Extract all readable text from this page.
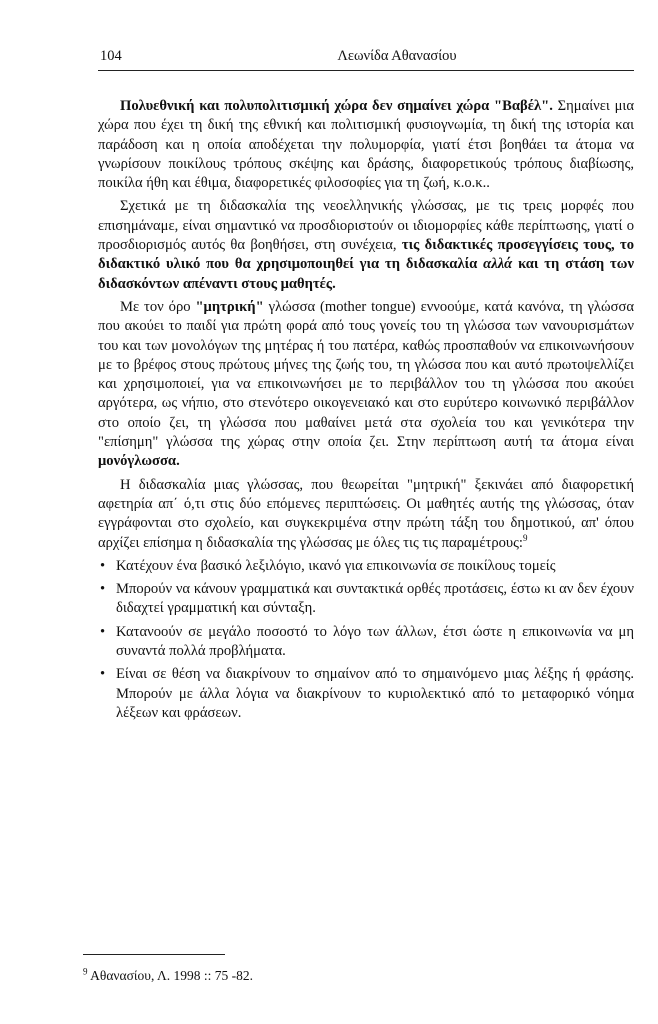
104	Λεωνίδα Αθανασίου

Πολυεθνική και πολυπολιτισμική χώρα δεν σημαίνει χώρα "Βαβέλ". Σημαίνει μια χώρα που έχει τη δική της εθνική και πολιτισμική φυσιογνωμία, τη δική της ιστορία και παράδοση και η οποία αποδέχεται την πολυμορφία, γιατί έτσι βοηθάει τα άτομα να γνωρίσουν ποικίλους τρόπους σκέψης και δράσης, διαφορετικούς τρόπους διαβίωσης, ποικίλα ήθη και έθιμα, διαφορετικές φιλοσοφίες για τη ζωή, κ.ο.κ..

Σχετικά με τη διδασκαλία της νεοελληνικής γλώσσας, με τις τρεις μορφές που επισημάναμε, είναι σημαντικό να προσδιοριστούν οι ιδιομορφίες κάθε περίπτωσης, γιατί ο προσδιορισμός αυτός θα βοηθήσει, στη συνέχεια, τις διδακτικές προσεγγίσεις τους, το διδακτικό υλικό που θα χρησιμοποιηθεί για τη διδασκαλία αλλά και τη στάση των διδασκόντων απέναντι στους μαθητές.

Με τον όρο "μητρική" γλώσσα (mother tongue) εννοούμε, κατά κανόνα, τη γλώσσα που ακούει το παιδί για πρώτη φορά από τους γονείς του τη γλώσσα των νανουρισμάτων του και των μονολόγων της μητέρας ή του πατέρα, καθώς προσπαθούν να επικοινωνήσουν με το βρέφος στους πρώτους μήνες της ζωής του, τη γλώσσα που και αυτό πρωτοψελλίζει και χρησιμοποιεί, για να επικοινωνήσει με το περιβάλλον του τη γλώσσα που ακούει αργότερα, ως νήπιο, στο στενότερο οικογενειακό και στο ευρύτερο κοινωνικό περιβάλλον στο οποίο ζει, τη γλώσσα που μαθαίνει μετά στα σχολεία του και γενικότερα την "επίσημη" γλώσσα της χώρας στην οποία ζει. Στην περίπτωση αυτή τα άτομα είναι μονόγλωσσα.

Η διδασκαλία μιας γλώσσας, που θεωρείται "μητρική" ξεκινάει από διαφορετική αφετηρία απ΄ ό,τι στις δύο επόμενες περιπτώσεις. Οι μαθητές αυτής της γλώσσας, όταν εγγράφονται στο σχολείο, και συγκεκριμένα στην πρώτη τάξη του δημοτικού, απ' όπου αρχίζει επίσημα η διδασκαλία της γλώσσας με όλες τις τις παραμέτρους:$^9$

• Κατέχουν ένα βασικό λεξιλόγιο, ικανό για επικοινωνία σε ποικίλους τομείς
• Μπορούν να κάνουν γραμματικά και συντακτικά ορθές προτάσεις, έστω κι αν δεν έχουν διδαχτεί γραμματική και σύνταξη.
• Κατανοούν σε μεγάλο ποσοστό το λόγο των άλλων, έτσι ώστε η επικοινωνία να μη συναντά πολλά προβλήματα.
• Είναι σε θέση να διακρίνουν το σημαίνον από το σημαινόμενο μιας λέξης ή φράσης. Μπορούν με άλλα λόγια να διακρίνουν το κυριολεκτικό από το μεταφορικό νόημα λέξεων και φράσεων.
$^9$ Αθανασίου, Λ. 1998 :: 75 -82.
